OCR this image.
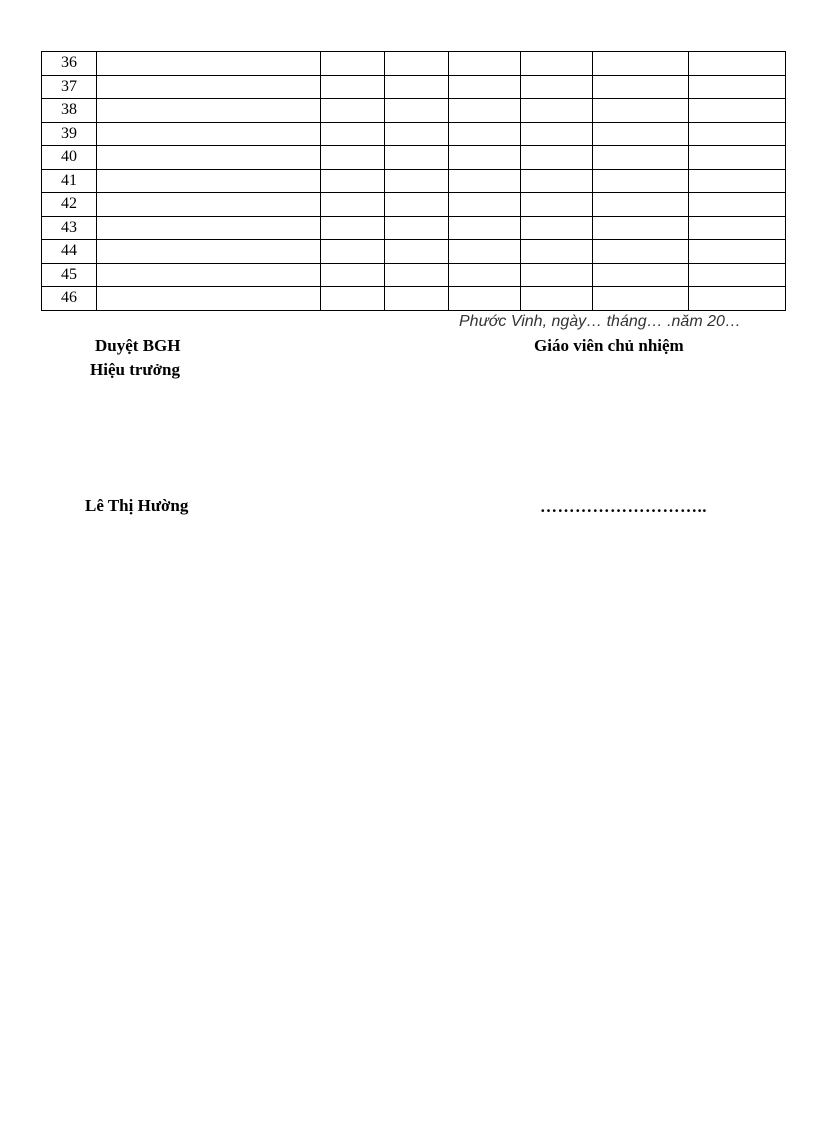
36							
37							
38							
39							
40							
41							
42							
43							
44							
45							
46							
Phước Vinh, ngày… tháng… .năm 20…
Duyệt BGH
Hiệu trưởng
Giáo viên chủ nhiệm
Lê Thị Hường	………………………..
